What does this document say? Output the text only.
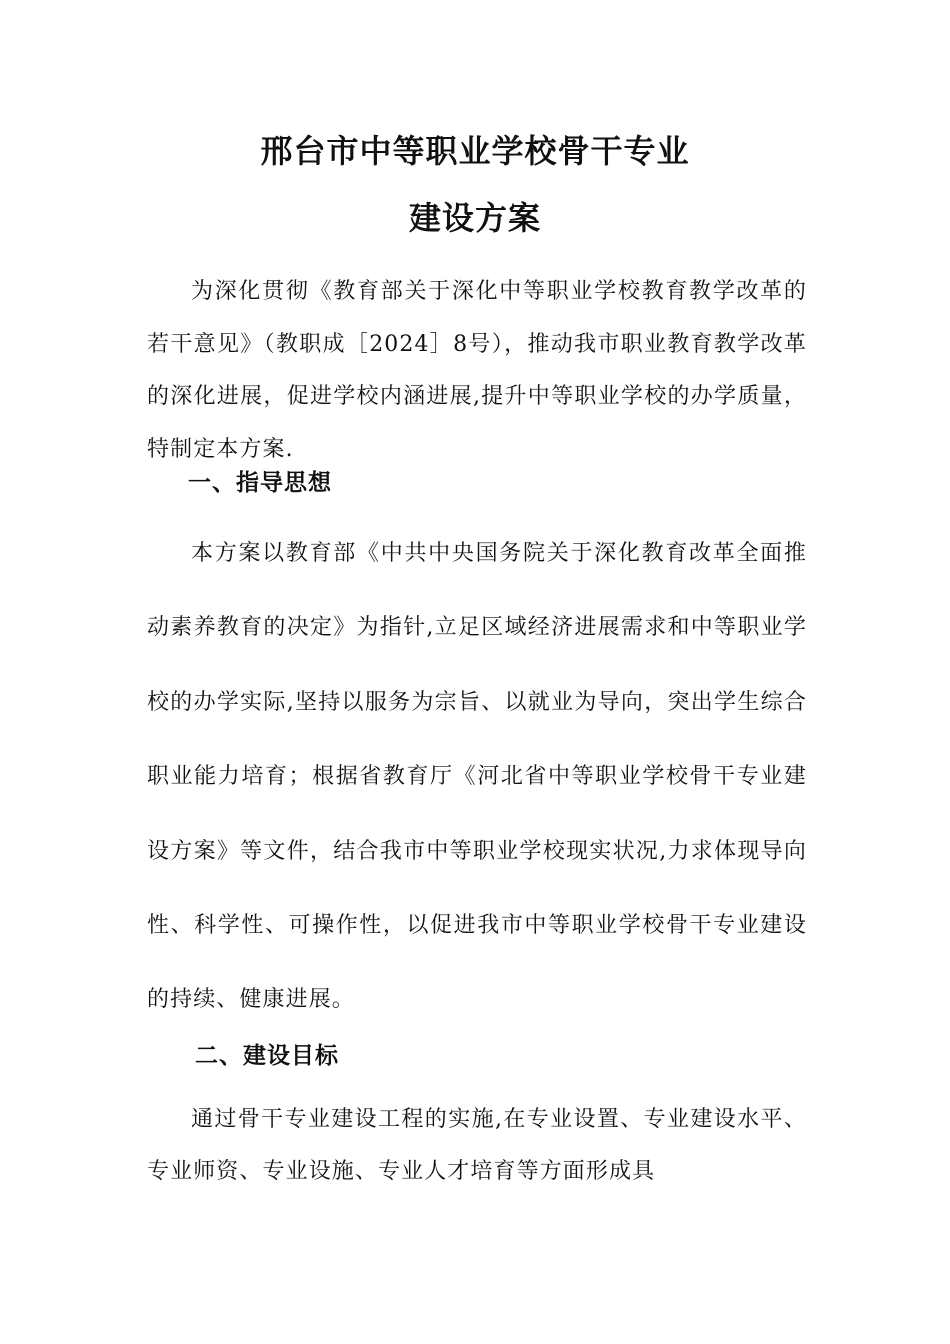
邢台市中等职业学校骨干专业
建设方案

为深化贯彻《教育部关于深化中等职业学校教育教学改革的若干意见》（教职成［2024］8号），推动我市职业教育教学改革的深化进展，促进学校内涵进展,提升中等职业学校的办学质量，特制定本方案.

一、指导思想

本方案以教育部《中共中央国务院关于深化教育改革全面推动素养教育的决定》为指针,立足区域经济进展需求和中等职业学校的办学实际,坚持以服务为宗旨、以就业为导向，突出学生综合职业能力培育；根据省教育厅《河北省中等职业学校骨干专业建设方案》等文件，结合我市中等职业学校现实状况,力求体现导向性、科学性、可操作性，以促进我市中等职业学校骨干专业建设的持续、健康进展。

二、建设目标

通过骨干专业建设工程的实施,在专业设置、专业建设水平、专业师资、专业设施、专业人才培育等方面形成具
